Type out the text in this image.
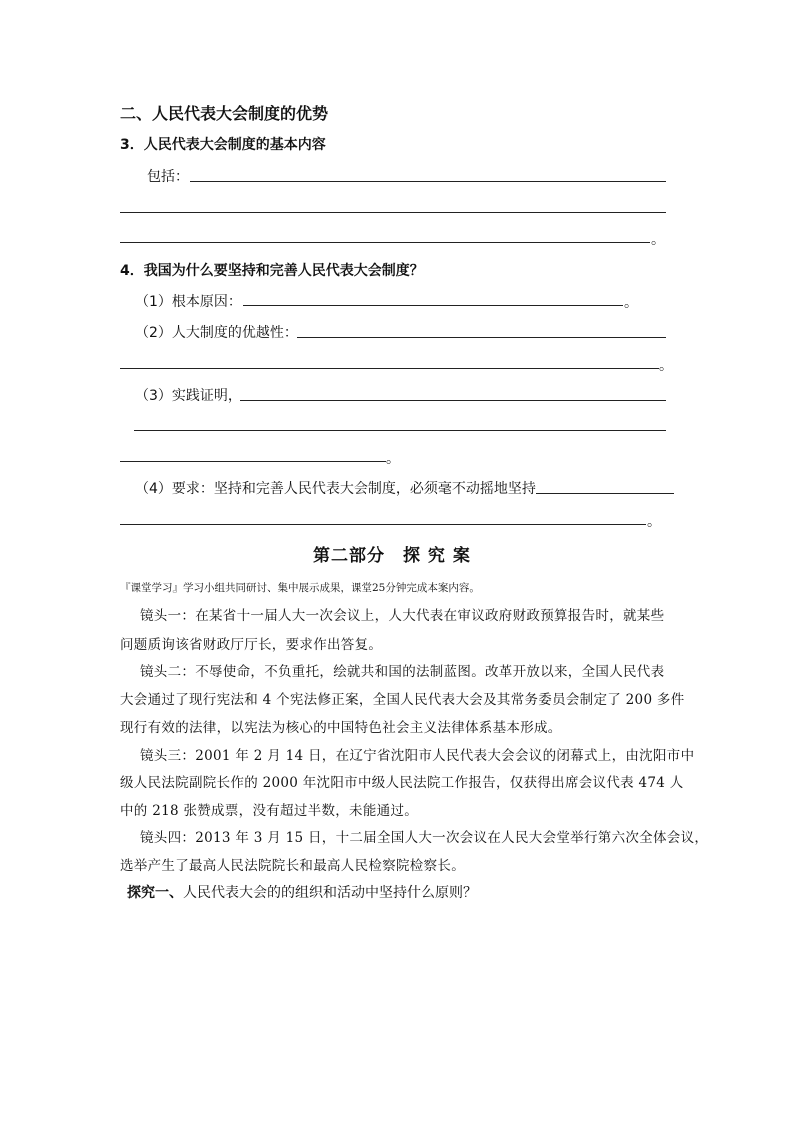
二、人民代表大会制度的优势
3．人民代表大会制度的基本内容
包括：
。
4．我国为什么要坚持和完善人民代表大会制度？
（1）根本原因：	。
（2）人大制度的优越性：
。
（3）实践证明，
。
（4）要求：坚持和完善人民代表大会制度，必须毫不动摇地坚持
。
第二部分　探 究 案
『课堂学习』学习小组共同研讨、集中展示成果，课堂25分钟完成本案内容。
镜头一：在某省十一届人大一次会议上，人大代表在审议政府财政预算报告时，就某些
问题质询该省财政厅厅长，要求作出答复。
镜头二：不辱使命，不负重托，绘就共和国的法制蓝图。改革开放以来，全国人民代表
大会通过了现行宪法和 4 个宪法修正案，全国人民代表大会及其常务委员会制定了 200 多件
现行有效的法律，以宪法为核心的中国特色社会主义法律体系基本形成。
镜头三：2001 年 2 月 14 日，在辽宁省沈阳市人民代表大会会议的闭幕式上，由沈阳市中
级人民法院副院长作的 2000 年沈阳市中级人民法院工作报告，仅获得出席会议代表 474 人
中的 218 张赞成票，没有超过半数，未能通过。
镜头四：2013 年 3 月 15 日，十二届全国人大一次会议在人民大会堂举行第六次全体会议，
选举产生了最高人民法院院长和最高人民检察院检察长。
探究一、人民代表大会的的组织和活动中坚持什么原则？
